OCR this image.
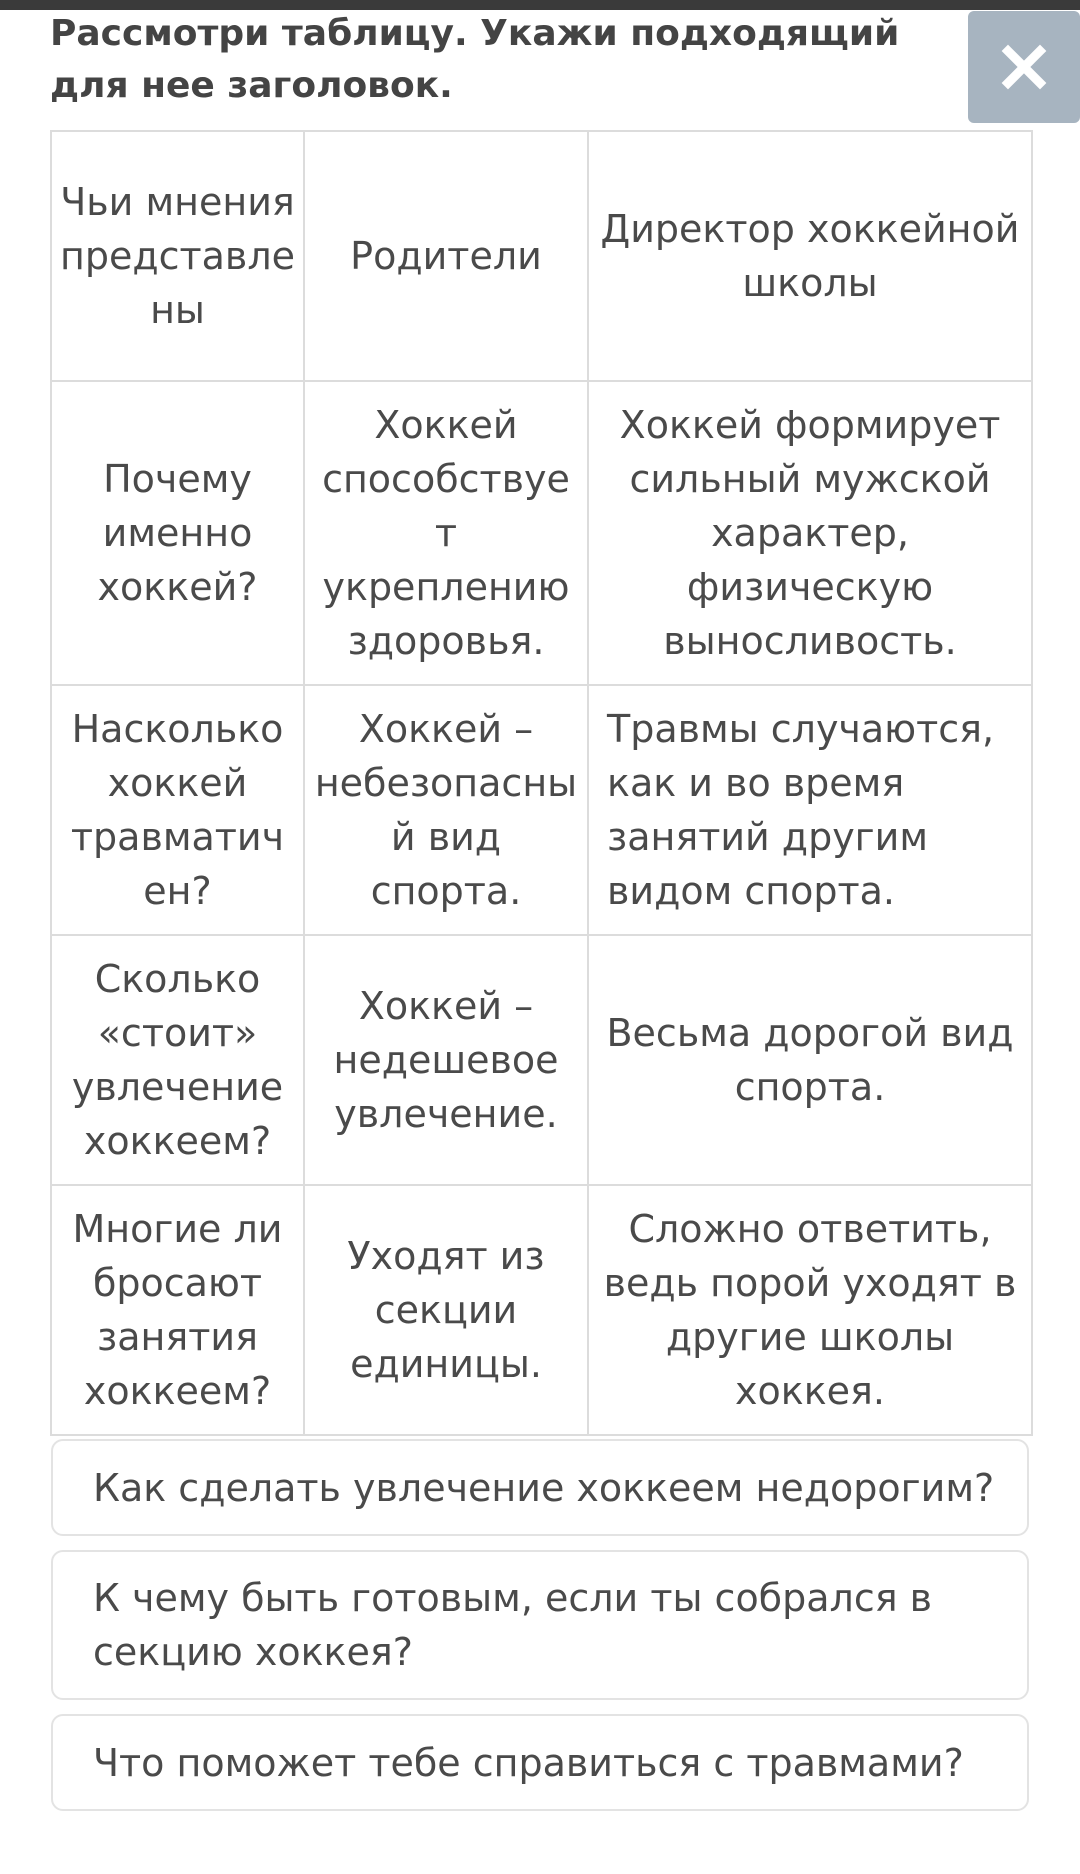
Рассмотри таблицу. Укажи подходящий для нее заголовок.

Чьи мнения представлены	Родители	Директор хоккейной школы
Почему именно хоккей?	Хоккей способствует укреплению здоровья.	Хоккей формирует сильный мужской характер, физическую выносливость.
Насколько хоккей травматичен?	Хоккей – небезопасный вид спорта.	Травмы случаются, как и во время занятий другим видом спорта.
Сколько «стоит» увлечение хоккеем?	Хоккей – недешевое увлечение.	Весьма дорогой вид спорта.
Многие ли бросают занятия хоккеем?	Уходят из секции единицы.	Сложно ответить, ведь порой уходят в другие школы хоккея.
Как сделать увлечение хоккеем недорогим?
К чему быть готовым, если ты собрался в секцию хоккея?
Что поможет тебе справиться с травмами?
